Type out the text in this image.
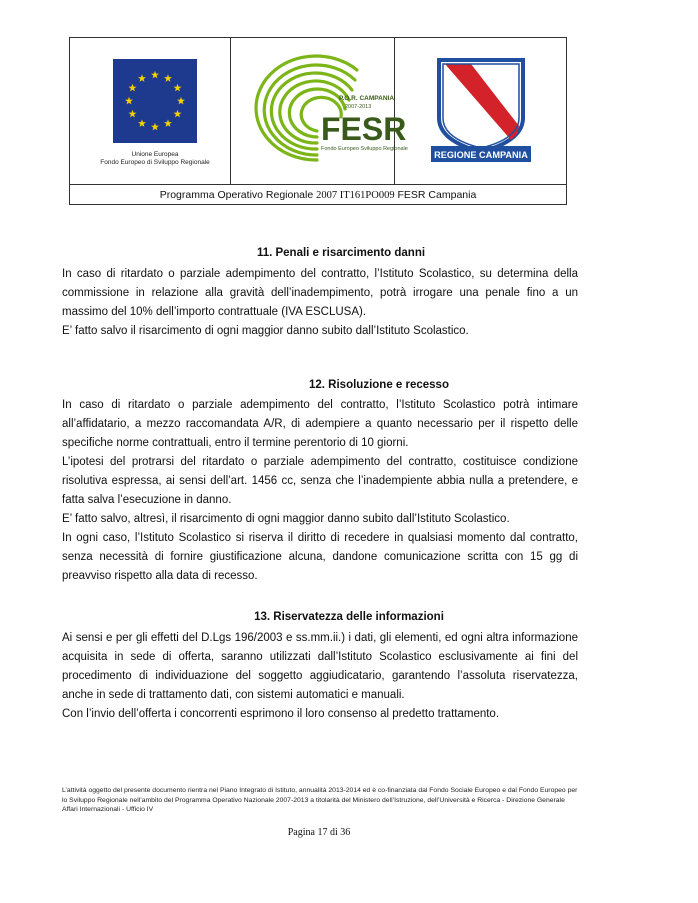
Unione Europea
Fondo Europeo di Sviluppo Regionale
P.O.R. CAMPANIA
2007-2013
FESR
Fondo Europeo Sviluppo Regionale
REGIONE CAMPANIA
Programma Operativo Regionale 2007 IT161PO009 FESR Campania
11. Penali e risarcimento danni

In caso di ritardato o parziale adempimento del contratto, l’Istituto Scolastico, su determina della commissione in relazione alla gravità dell’inadempimento, potrà irrogare una penale fino a un massimo del 10% dell’importo contrattuale (IVA ESCLUSA).

E’ fatto salvo il risarcimento di ogni maggior danno subito dall’Istituto Scolastico.

12. Risoluzione e recesso

In caso di ritardato o parziale adempimento del contratto, l’Istituto Scolastico potrà intimare all’affidatario, a mezzo raccomandata A/R, di adempiere a quanto necessario per il rispetto delle specifiche norme contrattuali, entro il termine perentorio di 10 giorni.

L’ipotesi del protrarsi del ritardato o parziale adempimento del contratto, costituisce condizione risolutiva espressa, ai sensi dell’art. 1456 cc, senza che l’inadempiente abbia nulla a pretendere, e fatta salva l’esecuzione in danno.

E’ fatto salvo, altresì, il risarcimento di ogni maggior danno subito dall’Istituto Scolastico.

In ogni caso, l’Istituto Scolastico si riserva il diritto di recedere in qualsiasi momento dal contratto, senza necessità di fornire giustificazione alcuna, dandone comunicazione scritta con 15 gg di preavviso rispetto alla data di recesso.

13. Riservatezza delle informazioni

Ai sensi e per gli effetti del D.Lgs 196/2003 e ss.mm.ii.) i dati, gli elementi, ed ogni altra informazione acquisita in sede di offerta, saranno utilizzati dall’Istituto Scolastico esclusivamente ai fini del procedimento di individuazione del soggetto aggiudicatario, garantendo l’assoluta riservatezza, anche in sede di trattamento dati, con sistemi automatici e manuali.

Con l’invio dell’offerta i concorrenti esprimono il loro consenso al predetto trattamento.

L’attività oggetto del presente documento rientra nel Piano Integrato di Istituto, annualità 2013-2014 ed è co-finanziata dal Fondo Sociale Europeo e dal Fondo Europeo per lo Sviluppo Regionale nell’ambito del Programma Operativo Nazionale 2007-2013 a titolarità del Ministero dell’Istruzione, dell’Università e Ricerca - Direzione Generale Affari Internazionali - Ufficio IV
Pagina 17 di 36
